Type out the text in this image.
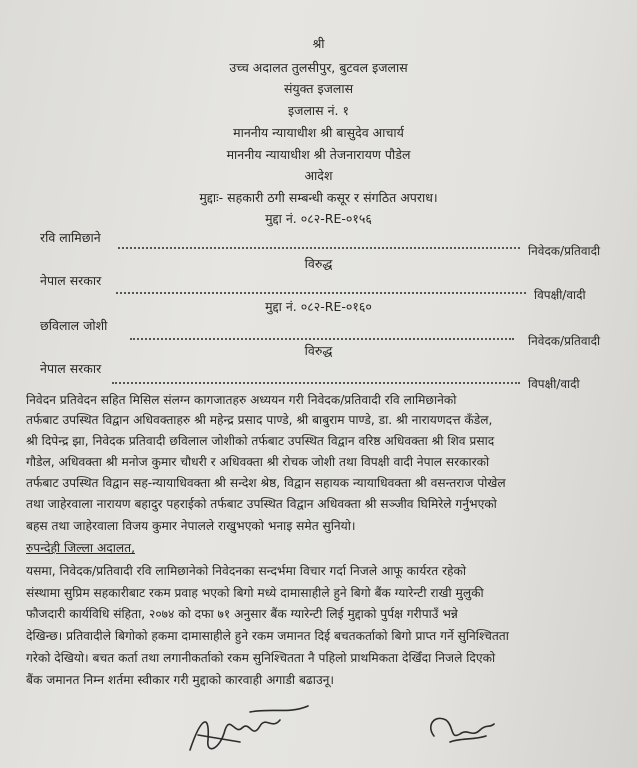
श्री
उच्च अदालत तुलसीपुर, बुटवल इजलास
संयुक्त इजलास
इजलास नं. १
माननीय न्यायाधीश श्री बासुदेव आचार्य
माननीय न्यायाधीश श्री तेजनारायण पौडेल
आदेश
मुद्दाः- सहकारी ठगी सम्बन्धी कसूर र संगठित अपराध।
मुद्दा नं. ०८२-RE-०१५६
रवि लामिछाने
निवेदक/प्रतिवादी
विरुद्ध
नेपाल सरकार
विपक्षी/वादी
मुद्दा नं. ०८२-RE-०१६०
छविलाल जोशी
निवेदक/प्रतिवादी
विरुद्ध
नेपाल सरकार
विपक्षी/वादी
निवेदन प्रतिवेदन सहित मिसिल संलग्न कागजातहरु अध्ययन गरी निवेदक/प्रतिवादी रवि लामिछानेको
तर्फबाट उपस्थित विद्वान अधिवक्ताहरु श्री महेन्द्र प्रसाद पाण्डे, श्री बाबुराम पाण्डे, डा. श्री नारायणदत्त कँडेल,
श्री दिपेन्द्र झा, निवेदक प्रतिवादी छविलाल जोशीको तर्फबाट उपस्थित विद्वान वरिष्ठ अधिवक्ता श्री शिव प्रसाद
गौडेल, अधिवक्ता श्री मनोज कुमार चौधरी र अधिवक्ता श्री रोचक जोशी तथा विपक्षी वादी नेपाल सरकारको
तर्फबाट उपस्थित विद्वान सह-न्यायाधिवक्ता श्री सन्देश श्रेष्ठ, विद्वान सहायक न्यायाधिवक्ता श्री वसन्तराज पोखेल
तथा जाहेरवाला नारायण बहादुर पहराईको तर्फबाट उपस्थित विद्वान अधिवक्ता श्री सञ्जीव घिमिरेले गर्नुभएको
बहस तथा जाहेरवाला विजय कुमार नेपालले राखुभएको भनाइ समेत सुनियो।
रुपन्देही जिल्ला अदालत,
यसमा, निवेदक/प्रतिवादी रवि लामिछानेको निवेदनका सन्दर्भमा विचार गर्दा निजले आफू कार्यरत रहेको
संस्थामा सुप्रिम सहकारीबाट रकम प्रवाह भएको बिगो मध्ये दामासाहीले हुने बिगो बैंक ग्यारेन्टी राखी मुलुकी
फौजदारी कार्यविधि संहिता, २०७४ को दफा ७१ अनुसार बैंक ग्यारेन्टी लिई मुद्दाको पुर्पक्ष गरीपाउँ भन्ने
देखिन्छ। प्रतिवादीले बिगोको हकमा दामासाहीले हुने रकम जमानत दिई बचतकर्ताको बिगो प्राप्त गर्ने सुनिश्चितता
गरेको देखियो। बचत कर्ता तथा लगानीकर्ताको रकम सुनिश्चितता नै पहिलो प्राथमिकता देखिँदा निजले दिएको
बैंक जमानत निम्न शर्तमा स्वीकार गरी मुद्दाको कारवाही अगाडी बढाउनू।
